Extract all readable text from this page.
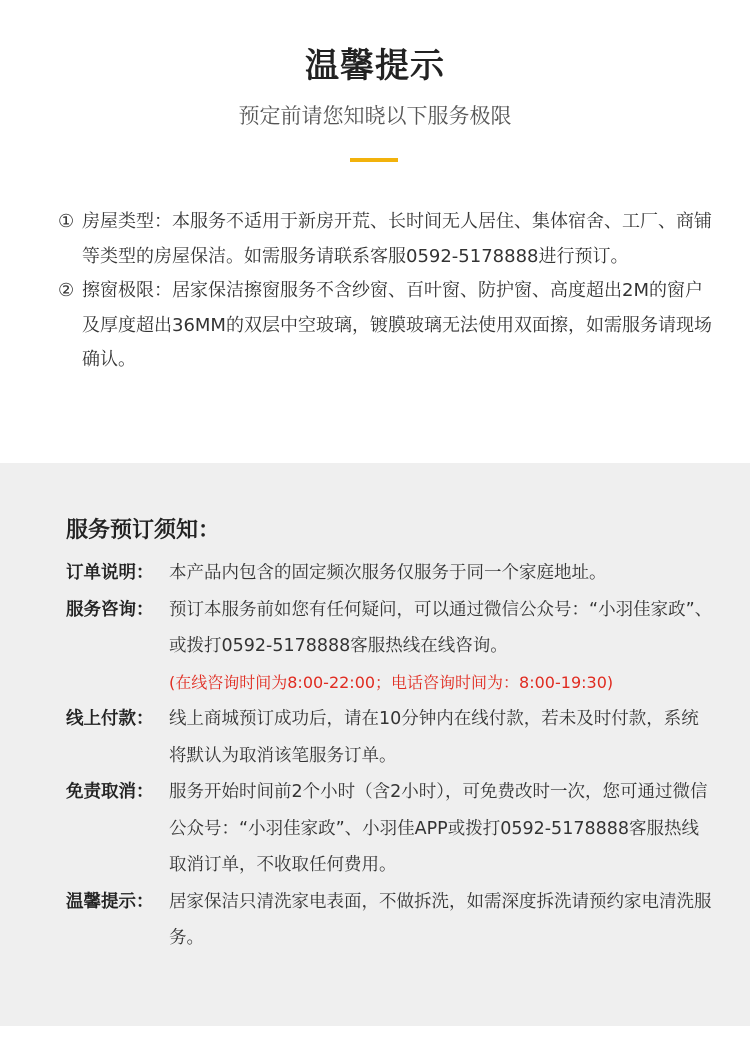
温馨提示
预定前请您知晓以下服务极限
① 房屋类型：本服务不适用于新房开荒、长时间无人居住、集体宿舍、工厂、商铺等类型的房屋保洁。如需服务请联系客服0592-5178888进行预订。
② 擦窗极限：居家保洁擦窗服务不含纱窗、百叶窗、防护窗、高度超出2M的窗户及厚度超出36MM的双层中空玻璃，镀膜玻璃无法使用双面擦，如需服务请现场确认。
服务预订须知：
订单说明： 本产品内包含的固定频次服务仅服务于同一个家庭地址。
服务咨询： 预订本服务前如您有任何疑问，可以通过微信公众号：“小羽佳家政”、或拨打0592-5178888客服热线在线咨询。
(在线咨询时间为8:00-22:00；电话咨询时间为：8:00-19:30)
线上付款： 线上商城预订成功后，请在10分钟内在线付款，若未及时付款，系统将默认为取消该笔服务订单。
免责取消： 服务开始时间前2个小时（含2小时），可免费改时一次，您可通过微信公众号：“小羽佳家政”、小羽佳APP或拨打0592-5178888客服热线取消订单，不收取任何费用。
温馨提示： 居家保洁只清洗家电表面，不做拆洗，如需深度拆洗请预约家电清洗服务。
